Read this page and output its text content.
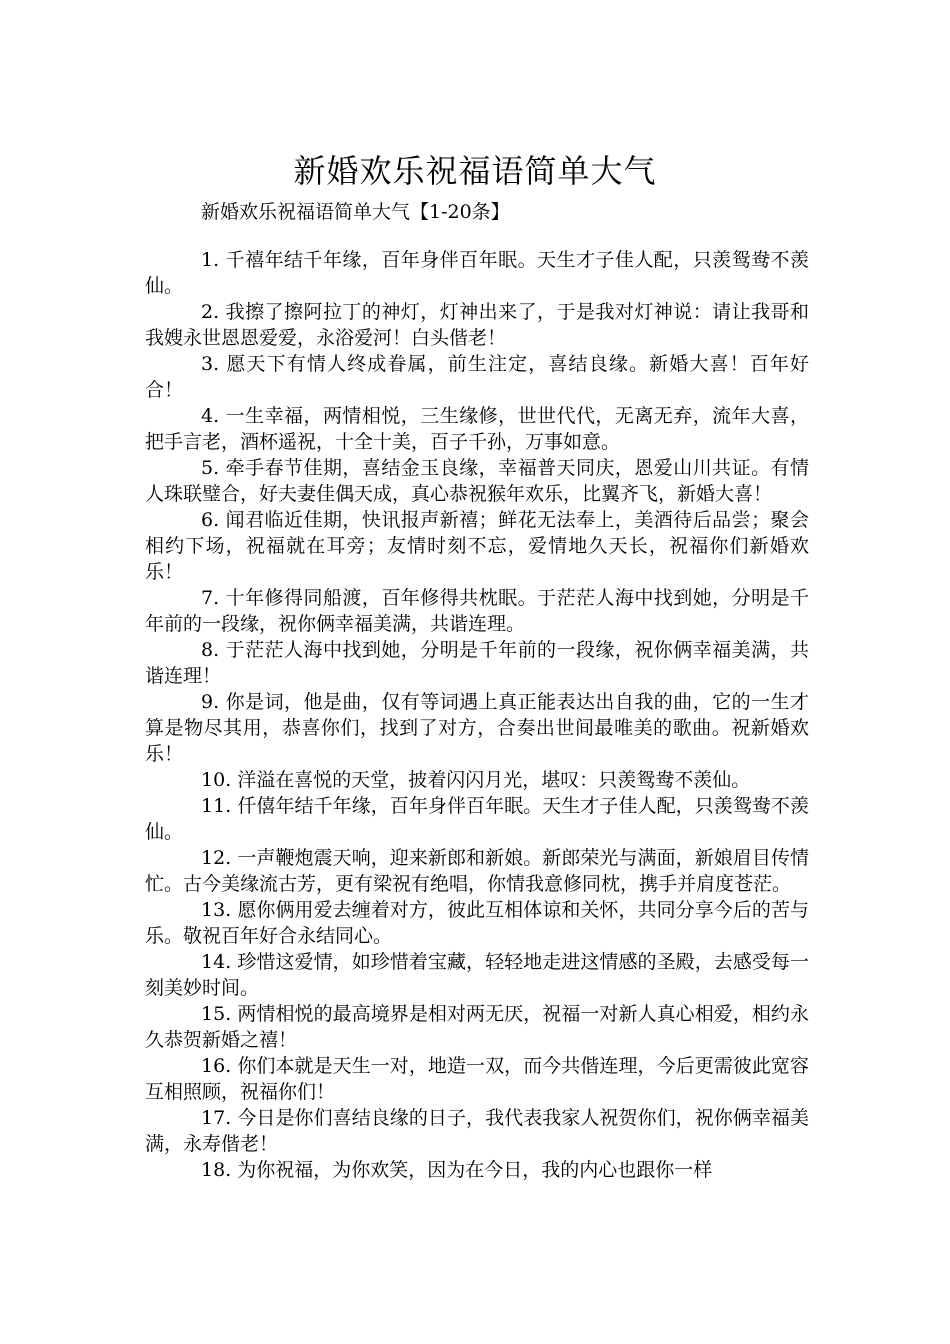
新婚欢乐祝福语简单大气
新婚欢乐祝福语简单大气【1-20条】

1. 千禧年结千年缘，百年身伴百年眠。天生才子佳人配，只羡鸳鸯不羡仙。

2. 我擦了擦阿拉丁的神灯，灯神出来了，于是我对灯神说：请让我哥和我嫂永世恩恩爱爱，永浴爱河！白头偕老！

3. 愿天下有情人终成眷属，前生注定，喜结良缘。新婚大喜！百年好合！

4. 一生幸福，两情相悦，三生缘修，世世代代，无离无弃，流年大喜，把手言老，酒杯遥祝，十全十美，百子千孙，万事如意。

5. 牵手春节佳期，喜结金玉良缘，幸福普天同庆，恩爱山川共证。有情人珠联璧合，好夫妻佳偶天成，真心恭祝猴年欢乐，比翼齐飞，新婚大喜！

6. 闻君临近佳期，快讯报声新禧；鲜花无法奉上，美酒待后品尝；聚会相约下场，祝福就在耳旁；友情时刻不忘，爱情地久天长，祝福你们新婚欢乐！

7. 十年修得同船渡，百年修得共枕眠。于茫茫人海中找到她，分明是千年前的一段缘，祝你俩幸福美满，共谐连理。

8. 于茫茫人海中找到她，分明是千年前的一段缘，祝你俩幸福美满，共谐连理！

9. 你是词，他是曲，仅有等词遇上真正能表达出自我的曲，它的一生才算是物尽其用，恭喜你们，找到了对方，合奏出世间最唯美的歌曲。祝新婚欢乐！

10. 洋溢在喜悦的天堂，披着闪闪月光，堪叹：只羡鸳鸯不羡仙。

11. 仟僖年结千年缘，百年身伴百年眠。天生才子佳人配，只羡鸳鸯不羡仙。

12. 一声鞭炮震天响，迎来新郎和新娘。新郎荣光与满面，新娘眉目传情忙。古今美缘流古芳，更有梁祝有绝唱，你情我意修同枕，携手并肩度苍茫。

13. 愿你俩用爱去缠着对方，彼此互相体谅和关怀，共同分享今后的苦与乐。敬祝百年好合永结同心。

14. 珍惜这爱情，如珍惜着宝藏，轻轻地走进这情感的圣殿，去感受每一刻美妙时间。

15. 两情相悦的最高境界是相对两无厌，祝福一对新人真心相爱，相约永久恭贺新婚之禧！

16. 你们本就是天生一对，地造一双，而今共偕连理，今后更需彼此宽容互相照顾，祝福你们！

17. 今日是你们喜结良缘的日子，我代表我家人祝贺你们，祝你俩幸福美满，永寿偕老！

18. 为你祝福，为你欢笑，因为在今日，我的内心也跟你一样
